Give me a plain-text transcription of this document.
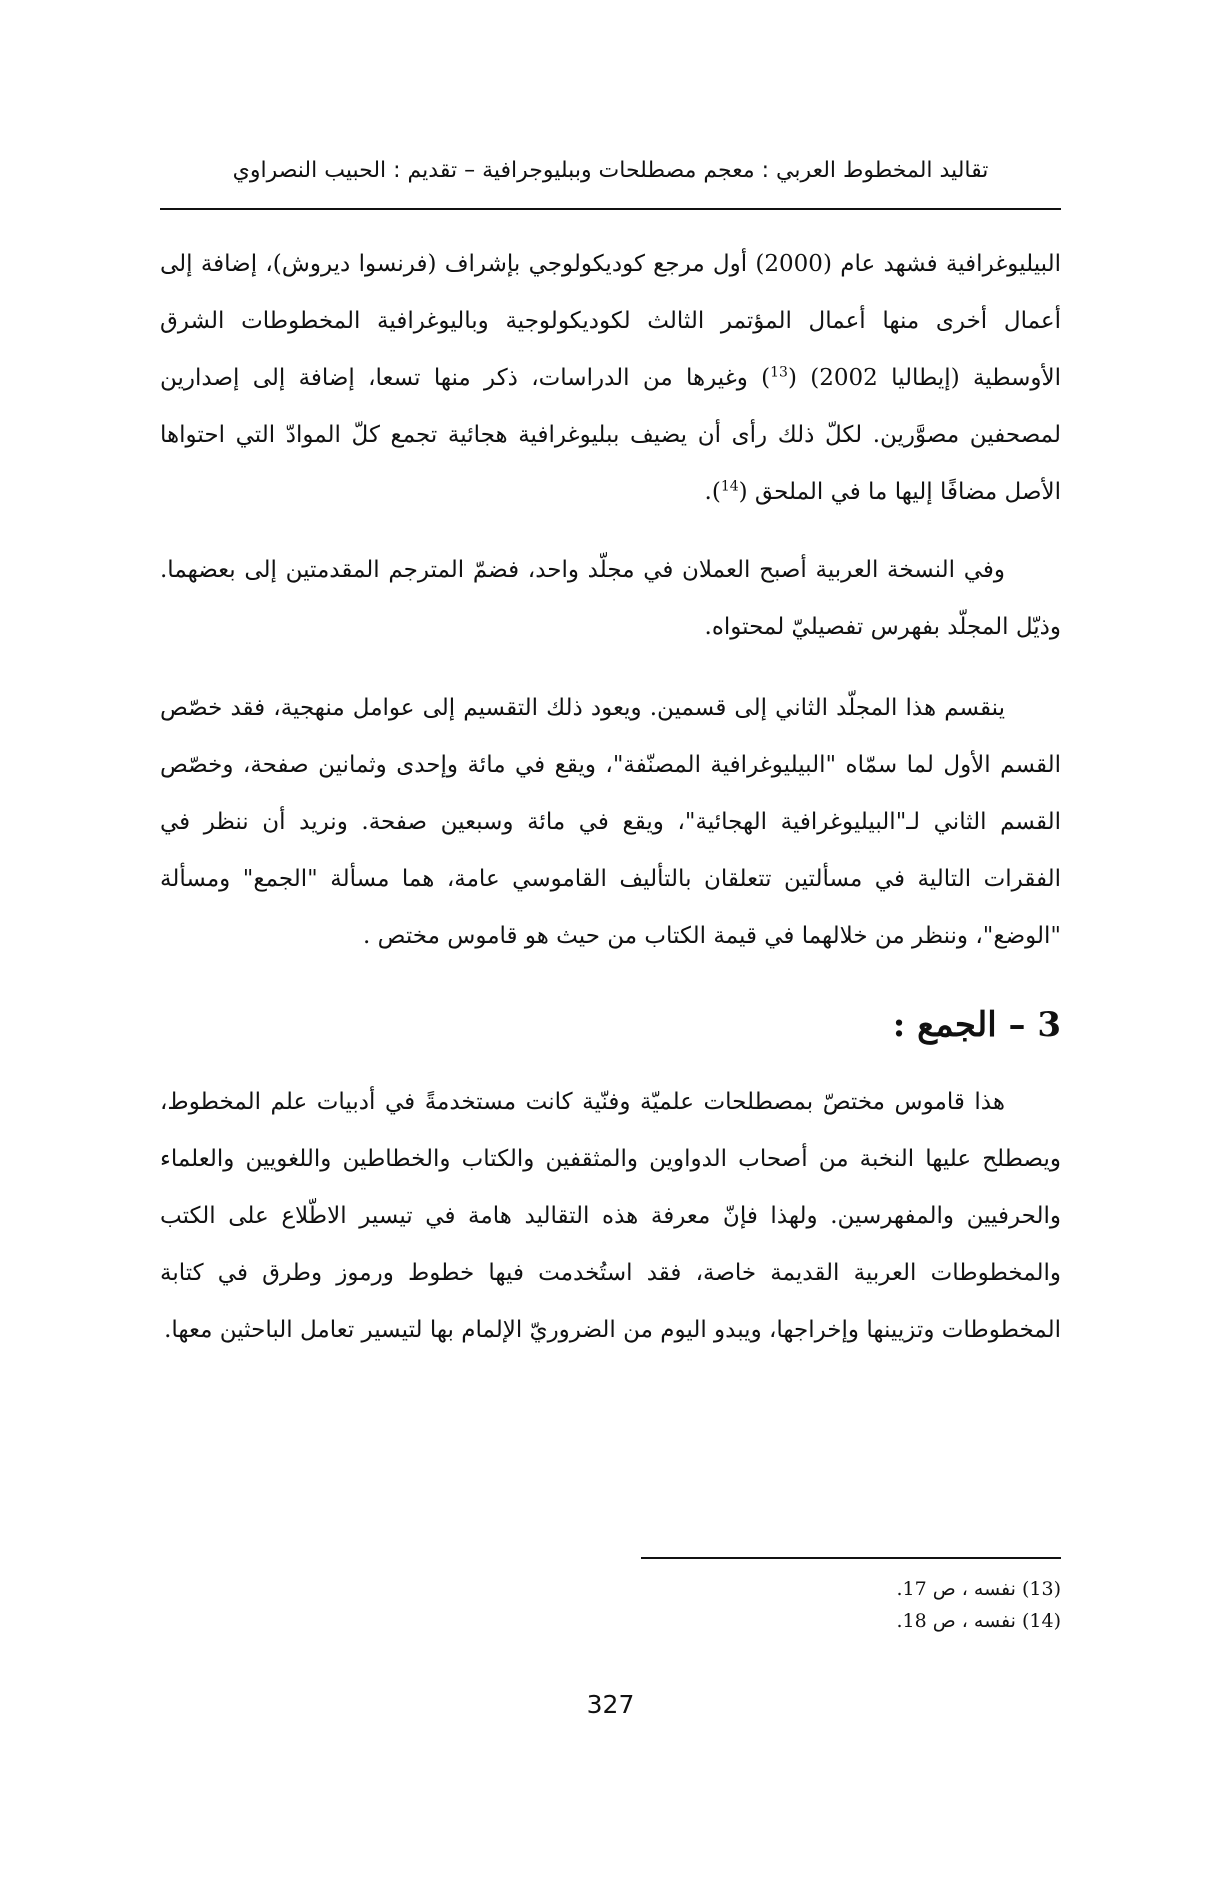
تقاليد المخطوط العربي : معجم مصطلحات وببليوجرافية – تقديم : الحبيب النصراوي

البيليوغرافية فشهد عام (2000) أول مرجع كوديكولوجي بإشراف (فرنسوا ديروش)، إضافة إلى أعمال أخرى منها أعمال المؤتمر الثالث لكوديكولوجية وباليوغرافية المخطوطات الشرق الأوسطية (إيطاليا 2002) ($^{13}$) وغيرها من الدراسات، ذكر منها تسعا، إضافة إلى إصدارين لمصحفين مصوَّرين. لكلّ ذلك رأى أن يضيف ببليوغرافية هجائية تجمع كلّ الموادّ التي احتواها الأصل مضافًا إليها ما في الملحق ($^{14}$).

وفي النسخة العربية أصبح العملان في مجلّد واحد، فضمّ المترجم المقدمتين إلى بعضهما. وذيّل المجلّد بفهرس تفصيليّ لمحتواه.

ينقسم هذا المجلّد الثاني إلى قسمين. ويعود ذلك التقسيم إلى عوامل منهجية، فقد خصّص القسم الأول لما سمّاه "البيليوغرافية المصنّفة"، ويقع في مائة وإحدى وثمانين صفحة، وخصّص القسم الثاني لـ"البيليوغرافية الهجائية"، ويقع في مائة وسبعين صفحة. ونريد أن ننظر في الفقرات التالية في مسألتين تتعلقان بالتأليف القاموسي عامة، هما مسألة "الجمع" ومسألة "الوضع"، وننظر من خلالهما في قيمة الكتاب من حيث هو قاموس مختص .

3 – الجمع :

هذا قاموس مختصّ بمصطلحات علميّة وفنّية كانت مستخدمةً في أدبيات علم المخطوط، ويصطلح عليها النخبة من أصحاب الدواوين والمثقفين والكتاب والخطاطين واللغويين والعلماء والحرفيين والمفهرسين. ولهذا فإنّ معرفة هذه التقاليد هامة في تيسير الاطّلاع على الكتب والمخطوطات العربية القديمة خاصة، فقد استُخدمت فيها خطوط ورموز وطرق في كتابة المخطوطات وتزيينها وإخراجها، ويبدو اليوم من الضروريّ الإلمام بها لتيسير تعامل الباحثين معها.

(13) نفسه ، ص 17.
(14) نفسه ، ص 18.
327
